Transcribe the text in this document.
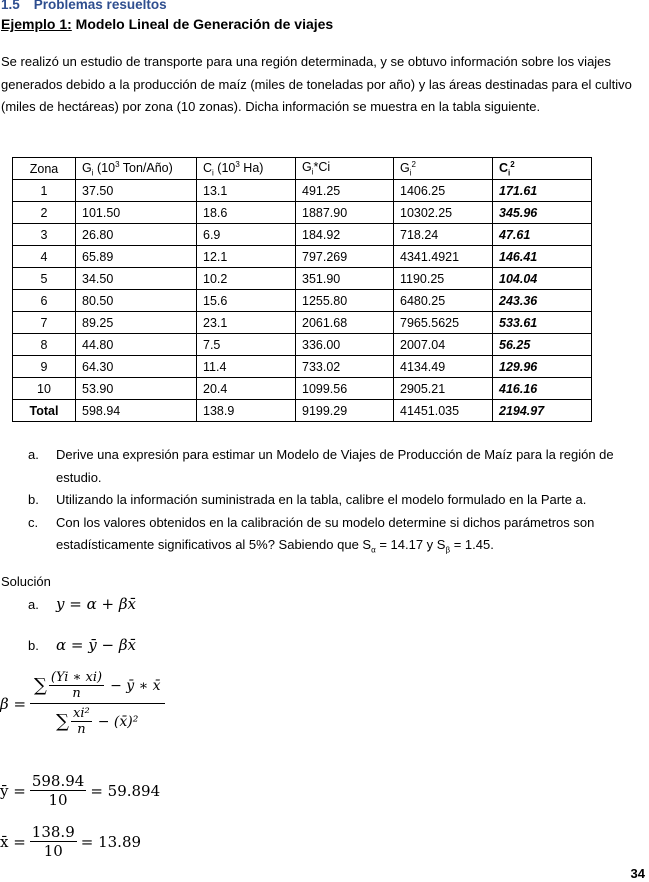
1.5 Problemas resueltos
Ejemplo 1: Modelo Lineal de Generación de viajes
Se realizó un estudio de transporte para una región determinada, y se obtuvo información sobre los viajes generados debido a la producción de maíz (miles de toneladas por año) y las áreas destinadas para el cultivo (miles de hectáreas) por zona (10 zonas). Dicha información se muestra en la tabla siguiente.
Zona	$G_i$ ($10^3$ Ton/Año)	$C_i$ ($10^3$ Ha)	$G_i*Ci$	$G_i^2$	$C_i^2$
1	37.50	13.1	491.25	1406.25	171.61
2	101.50	18.6	1887.90	10302.25	345.96
3	26.80	6.9	184.92	718.24	47.61
4	65.89	12.1	797.269	4341.4921	146.41
5	34.50	10.2	351.90	1190.25	104.04
6	80.50	15.6	1255.80	6480.25	243.36
7	89.25	23.1	2061.68	7965.5625	533.61
8	44.80	7.5	336.00	2007.04	56.25
9	64.30	11.4	733.02	4134.49	129.96
10	53.90	20.4	1099.56	2905.21	416.16
Total	598.94	138.9	9199.29	41451.035	2194.97
a.	Derive una expresión para estimar un Modelo de Viajes de Producción de Maíz para la región de estudio.
b.	Utilizando la información suministrada en la tabla, calibre el modelo formulado en la Parte a.
c.	Con los valores obtenidos en la calibración de su modelo determine si dichos parámetros son estadísticamente significativos al 5%? Sabiendo que $S_\alpha = 14.17$ y $S_\beta = 1.45$.
Solución
a. y = α + βx̄
b. α = ȳ − βx̄
$\beta = \frac{\sum \frac{(Yi ∗ xi)}{n} - ȳ ∗ x̄}{\sum \frac{\text{xi²}}{n} - (x̄)^2}$
ȳ = $\frac{598.94}{10} = 59.894$
x̄ = $\frac{138.9}{10} = 13.89$
34
